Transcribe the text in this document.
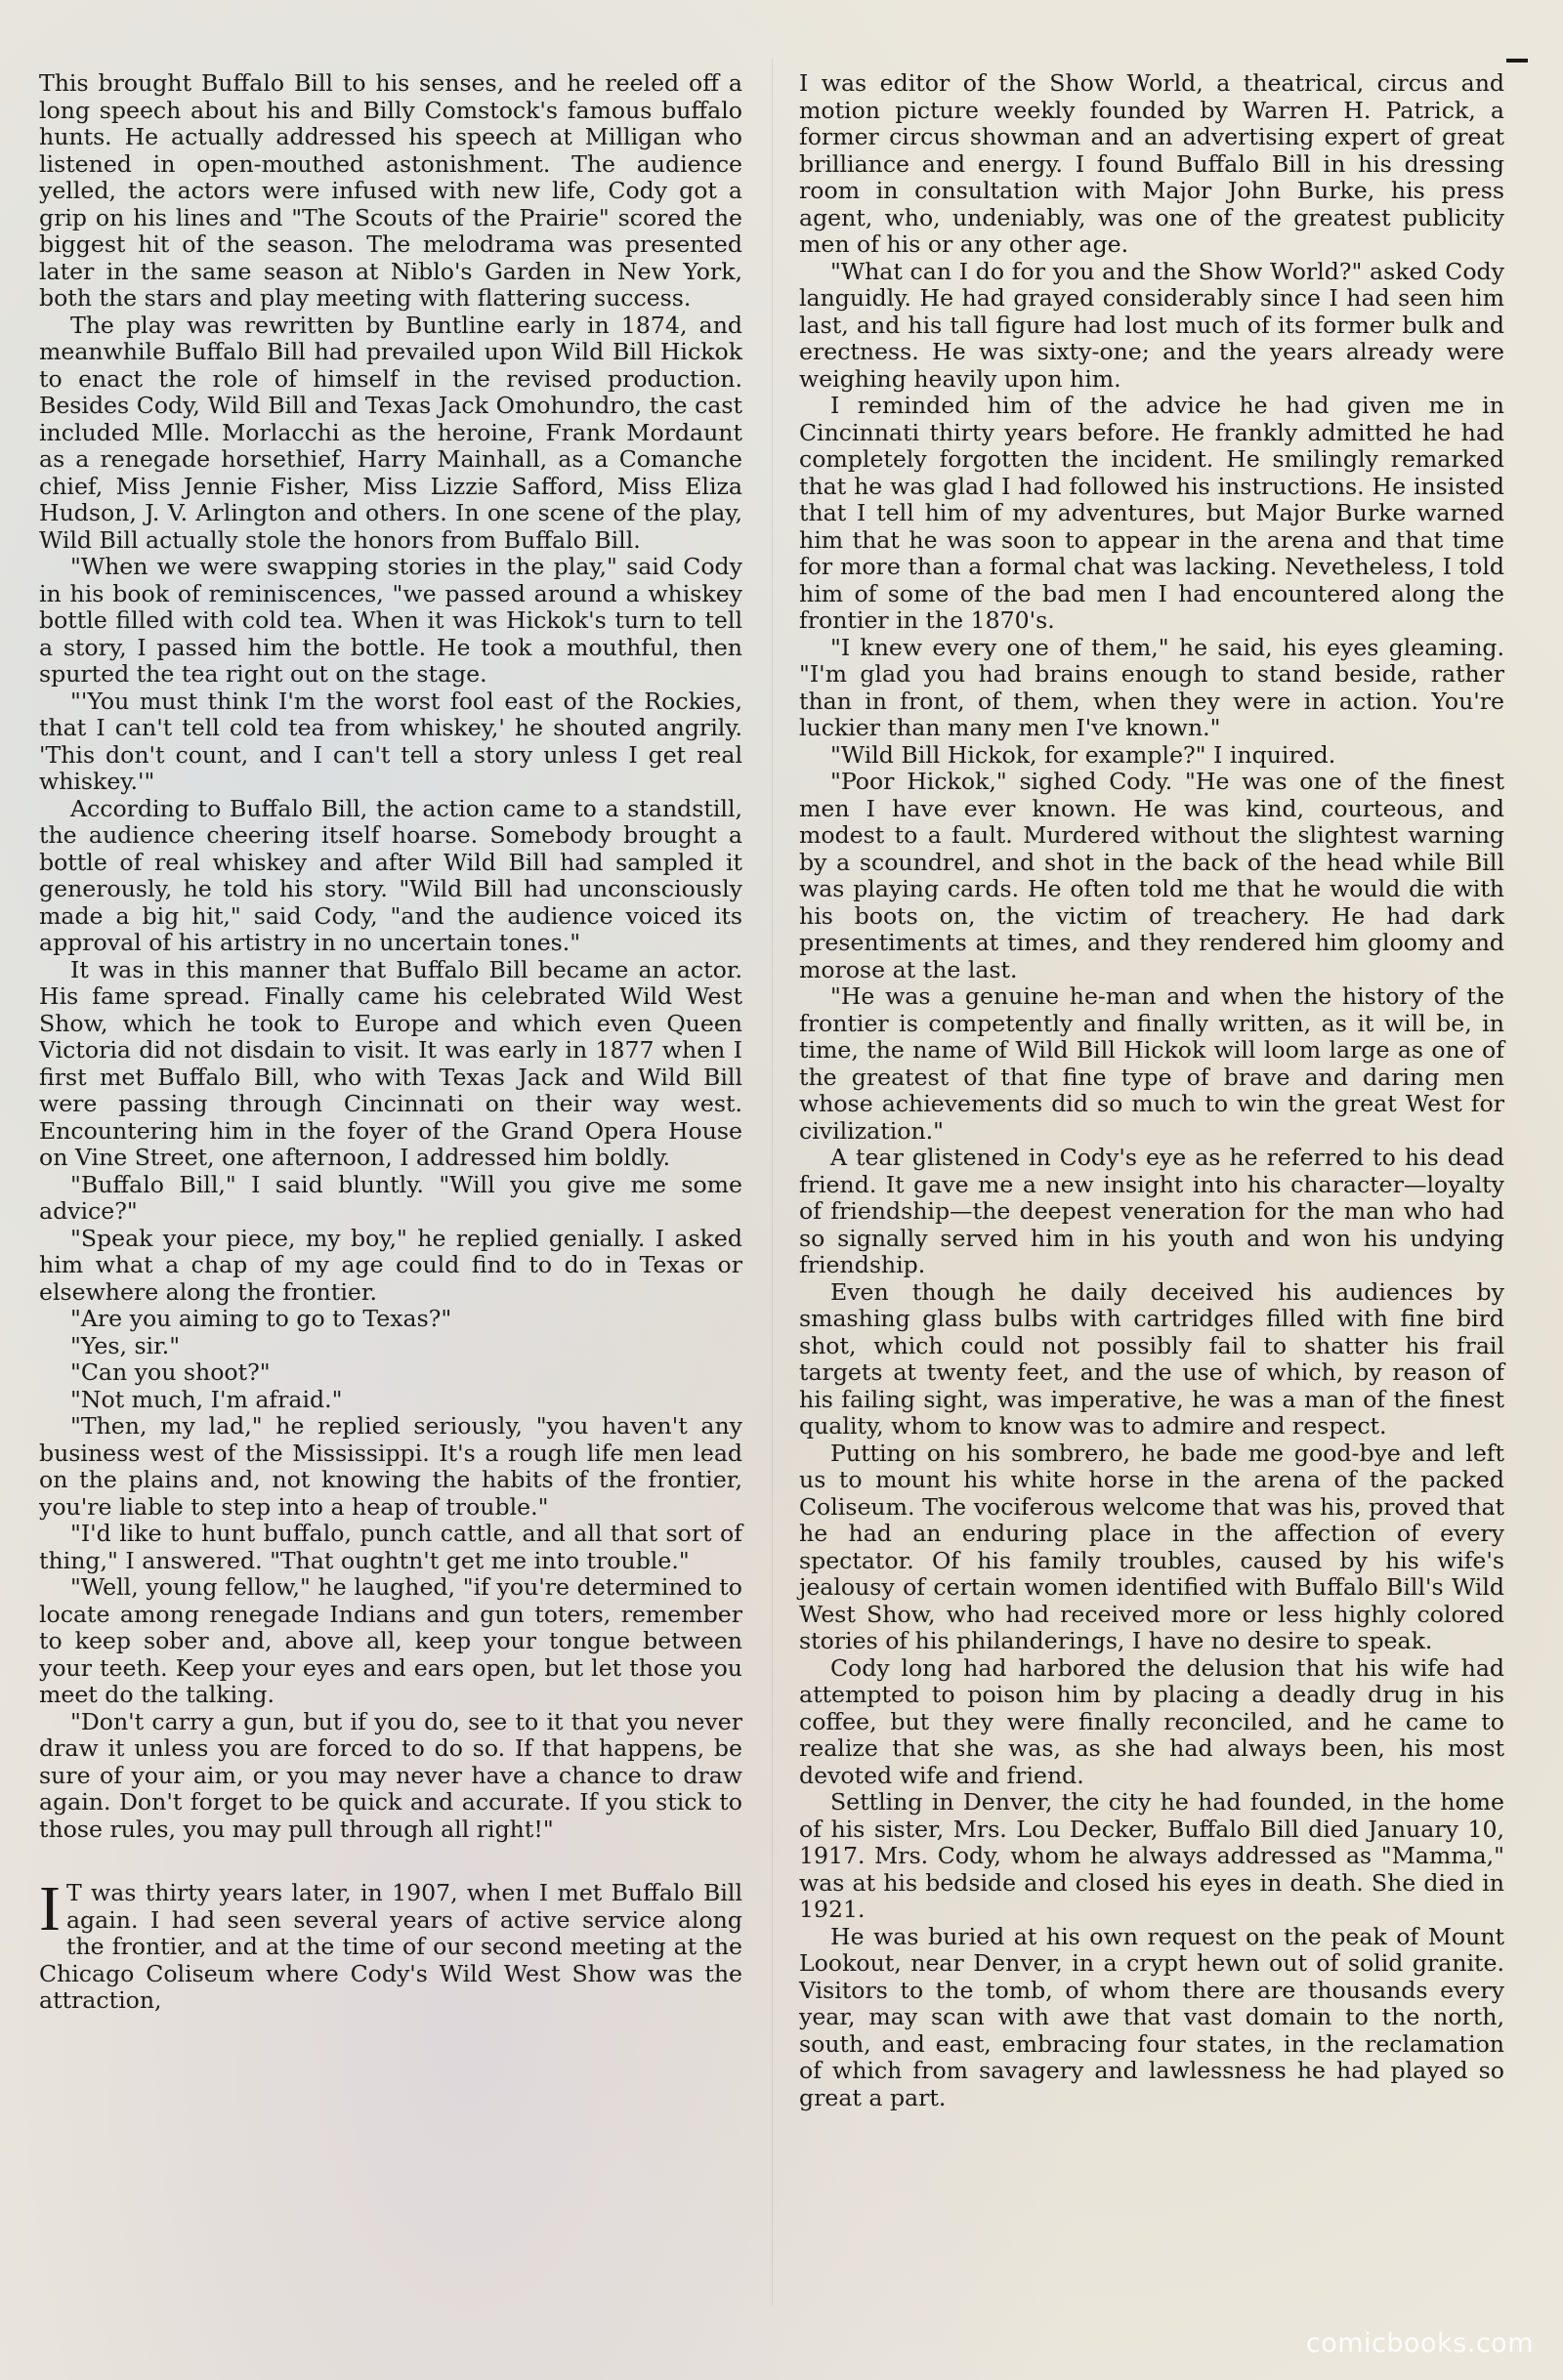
This brought Buffalo Bill to his senses, and he reeled off a long speech about his and Billy Comstock's famous buffalo hunts. He actually addressed his speech at Milligan who listened in open-mouthed astonishment. The audience yelled, the actors were infused with new life, Cody got a grip on his lines and "The Scouts of the Prairie" scored the biggest hit of the season. The melodrama was presented later in the same season at Niblo's Garden in New York, both the stars and play meeting with flattering success.

The play was rewritten by Buntline early in 1874, and meanwhile Buffalo Bill had prevailed upon Wild Bill Hickok to enact the role of himself in the revised production. Besides Cody, Wild Bill and Texas Jack Omohundro, the cast included Mlle. Morlacchi as the heroine, Frank Mordaunt as a renegade horsethief, Harry Mainhall, as a Comanche chief, Miss Jennie Fisher, Miss Lizzie Safford, Miss Eliza Hudson, J. V. Arlington and others. In one scene of the play, Wild Bill actually stole the honors from Buffalo Bill.

"When we were swapping stories in the play," said Cody in his book of reminiscences, "we passed around a whiskey bottle filled with cold tea. When it was Hickok's turn to tell a story, I passed him the bottle. He took a mouthful, then spurted the tea right out on the stage.

"'You must think I'm the worst fool east of the Rockies, that I can't tell cold tea from whiskey,' he shouted angrily. 'This don't count, and I can't tell a story unless I get real whiskey.'"

According to Buffalo Bill, the action came to a standstill, the audience cheering itself hoarse. Somebody brought a bottle of real whiskey and after Wild Bill had sampled it generously, he told his story. "Wild Bill had unconsciously made a big hit," said Cody, "and the audience voiced its approval of his artistry in no uncertain tones."

It was in this manner that Buffalo Bill became an actor. His fame spread. Finally came his celebrated Wild West Show, which he took to Europe and which even Queen Victoria did not disdain to visit. It was early in 1877 when I first met Buffalo Bill, who with Texas Jack and Wild Bill were passing through Cincinnati on their way west. Encountering him in the foyer of the Grand Opera House on Vine Street, one afternoon, I addressed him boldly.

"Buffalo Bill," I said bluntly. "Will you give me some advice?"

"Speak your piece, my boy," he replied genially. I asked him what a chap of my age could find to do in Texas or elsewhere along the frontier.

"Are you aiming to go to Texas?"

"Yes, sir."

"Can you shoot?"

"Not much, I'm afraid."

"Then, my lad," he replied seriously, "you haven't any business west of the Mississippi. It's a rough life men lead on the plains and, not knowing the habits of the frontier, you're liable to step into a heap of trouble."

"I'd like to hunt buffalo, punch cattle, and all that sort of thing," I answered. "That oughtn't get me into trouble."

"Well, young fellow," he laughed, "if you're determined to locate among renegade Indians and gun toters, remember to keep sober and, above all, keep your tongue between your teeth. Keep your eyes and ears open, but let those you meet do the talking.

"Don't carry a gun, but if you do, see to it that you never draw it unless you are forced to do so. If that happens, be sure of your aim, or you may never have a chance to draw again. Don't forget to be quick and accurate. If you stick to those rules, you may pull through all right!"

I T was thirty years later, in 1907, when I met Buffalo Bill again. I had seen several years of active service along the frontier, and at the time of our second meeting at the Chicago Coliseum where Cody's Wild West Show was the attraction,

I was editor of the Show World, a theatrical, circus and motion picture weekly founded by Warren H. Patrick, a former circus showman and an advertising expert of great brilliance and energy. I found Buffalo Bill in his dressing room in consultation with Major John Burke, his press agent, who, undeniably, was one of the greatest publicity men of his or any other age.

"What can I do for you and the Show World?" asked Cody languidly. He had grayed considerably since I had seen him last, and his tall figure had lost much of its former bulk and erectness. He was sixty-one; and the years already were weighing heavily upon him.

I reminded him of the advice he had given me in Cincinnati thirty years before. He frankly admitted he had completely forgotten the incident. He smilingly remarked that he was glad I had followed his instructions. He insisted that I tell him of my adventures, but Major Burke warned him that he was soon to appear in the arena and that time for more than a formal chat was lacking. Nevetheless, I told him of some of the bad men I had encountered along the frontier in the 1870's.

"I knew every one of them," he said, his eyes gleaming. "I'm glad you had brains enough to stand beside, rather than in front, of them, when they were in action. You're luckier than many men I've known."

"Wild Bill Hickok, for example?" I inquired.

"Poor Hickok," sighed Cody. "He was one of the finest men I have ever known. He was kind, courteous, and modest to a fault. Murdered without the slightest warning by a scoundrel, and shot in the back of the head while Bill was playing cards. He often told me that he would die with his boots on, the victim of treachery. He had dark presentiments at times, and they rendered him gloomy and morose at the last.

"He was a genuine he-man and when the history of the frontier is competently and finally written, as it will be, in time, the name of Wild Bill Hickok will loom large as one of the greatest of that fine type of brave and daring men whose achievements did so much to win the great West for civilization."

A tear glistened in Cody's eye as he referred to his dead friend. It gave me a new insight into his character—loyalty of friendship—the deepest veneration for the man who had so signally served him in his youth and won his undying friendship.

Even though he daily deceived his audiences by smashing glass bulbs with cartridges filled with fine bird shot, which could not possibly fail to shatter his frail targets at twenty feet, and the use of which, by reason of his failing sight, was imperative, he was a man of the finest quality, whom to know was to admire and respect.

Putting on his sombrero, he bade me good-bye and left us to mount his white horse in the arena of the packed Coliseum. The vociferous welcome that was his, proved that he had an enduring place in the affection of every spectator. Of his family troubles, caused by his wife's jealousy of certain women identified with Buffalo Bill's Wild West Show, who had received more or less highly colored stories of his philanderings, I have no desire to speak.

Cody long had harbored the delusion that his wife had attempted to poison him by placing a deadly drug in his coffee, but they were finally reconciled, and he came to realize that she was, as she had always been, his most devoted wife and friend.

Settling in Denver, the city he had founded, in the home of his sister, Mrs. Lou Decker, Buffalo Bill died January 10, 1917. Mrs. Cody, whom he always addressed as "Mamma," was at his bedside and closed his eyes in death. She died in 1921.

He was buried at his own request on the peak of Mount Lookout, near Denver, in a crypt hewn out of solid granite. Visitors to the tomb, of whom there are thousands every year, may scan with awe that vast domain to the north, south, and east, embracing four states, in the reclamation of which from savagery and lawlessness he had played so great a part.

comicbooks.com
